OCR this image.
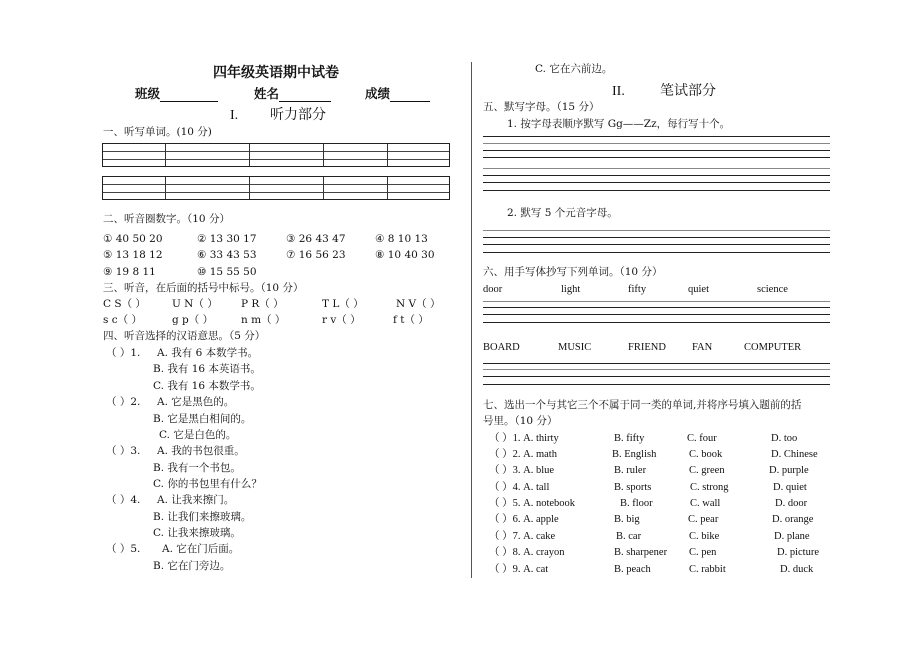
四年级英语期中试卷
班级	姓名	成绩
I. 听力部分
一、听写单词。(10 分)
二、听音圈数字。（10 分）
① 40 50 20	② 13 30 17	③ 26 43 47	④ 8 10 13
⑤ 13 18 12	⑥ 33 43 53	⑦ 16 56 23	⑧ 10 40 30
⑨ 19 8 11	⑩ 15 55 50
三、听音，在后面的括号中标号。（10 分）
C S（ ） U N（ ） P R（ ）	T L（ ）	N V（ ）
s c（ ）	g p（ ）	n m（ ）	r v（ ）	f t（ ）
四、听音选择的汉语意思。（5 分）
（ ）1. A. 我有 6 本数学书。
B. 我有 16 本英语书。
C. 我有 16 本数学书。
（ ）2. A. 它是黑色的。
B. 它是黑白相间的。
C. 它是白色的。
（ ）3. A. 我的书包很重。
B. 我有一个书包。
C. 你的书包里有什么？
（ ）4. A. 让我来擦门。
B. 让我们来擦玻璃。
C. 让我来擦玻璃。
（ ）5. A. 它在门后面。
B. 它在门旁边。
C. 它在六前边。
II.	笔试部分
五、默写字母。（15 分）
1. 按字母表顺序默写 Gg——Zz，每行写十个。
2. 默写 5 个元音字母。
六、用手写体抄写下列单词。（10 分）
door	light	fifty	quiet	science
BOARD	MUSIC	FRIEND FAN	COMPUTER
七、选出一个与其它三个不属于同一类的单词,并将序号填入题前的括
号里。（10 分）
（ ）1. A. thirty	B. fifty	C. four	D. too
（ ）2. A. math	B. English	C. book	D. Chinese
（ ）3. A. blue	B. ruler	C. green	D. purple
（ ）4. A. tall	B. sports	C. strong	D. quiet
（ ）5. A. notebook	B. floor	C. wall	D. door
（ ）6. A. apple	B. big	C. pear	D. orange
（ ）7. A. cake	B. car	C. bike	D. plane
（ ）8. A. crayon	B. sharpener C. pen	D. picture
（ ）9. A. cat	B. peach	C. rabbit	D. duck
